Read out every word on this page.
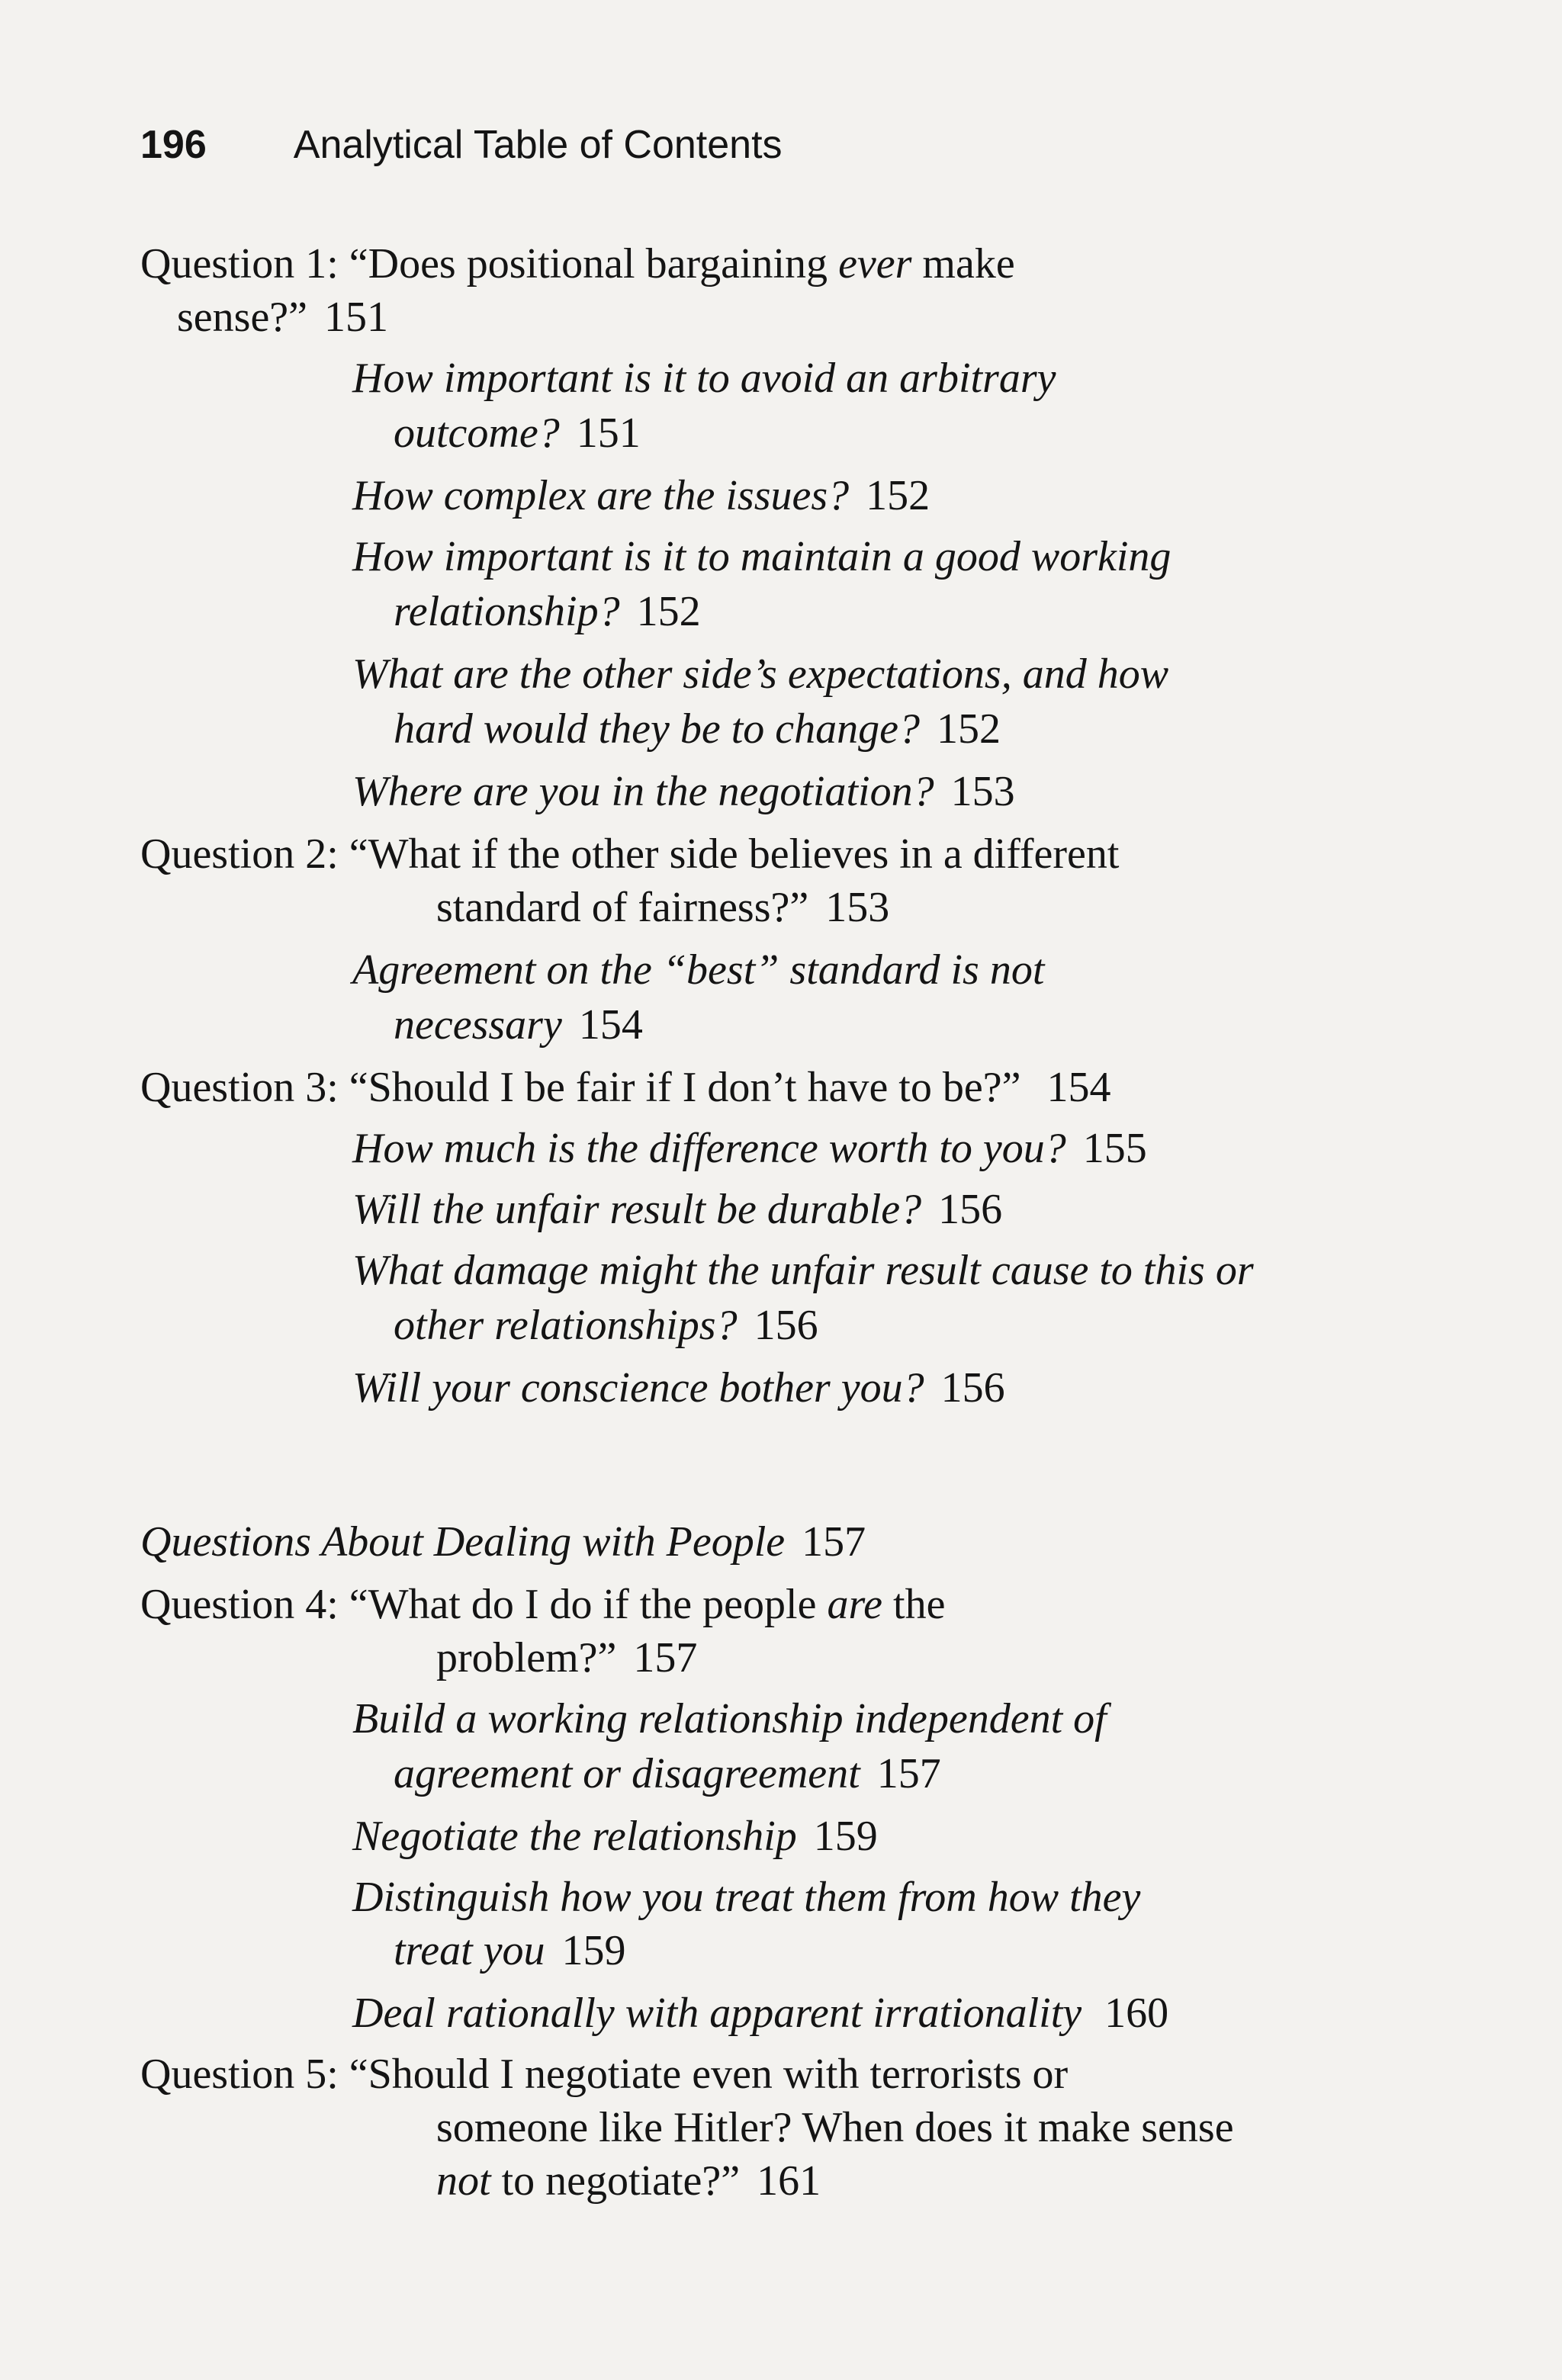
196 Analytical Table of Contents
Question 1: “Does positional bargaining ever make
sense?” 151
How important is it to avoid an arbitrary
outcome? 151
How complex are the issues? 152
How important is it to maintain a good working
relationship? 152
What are the other side’s expectations, and how
hard would they be to change? 152
Where are you in the negotiation? 153
Question 2: “What if the other side believes in a different
standard of fairness?” 153
Agreement on the “best” standard is not
necessary 154
Question 3: “Should I be fair if I don’t have to be?” 154
How much is the difference worth to you? 155
Will the unfair result be durable? 156
What damage might the unfair result cause to this or
other relationships? 156
Will your conscience bother you? 156
Questions About Dealing with People 157
Question 4: “What do I do if the people are the
problem?” 157
Build a working relationship independent of
agreement or disagreement 157
Negotiate the relationship 159
Distinguish how you treat them from how they
treat you 159
Deal rationally with apparent irrationality 160
Question 5: “Should I negotiate even with terrorists or
someone like Hitler? When does it make sense
not to negotiate?” 161
